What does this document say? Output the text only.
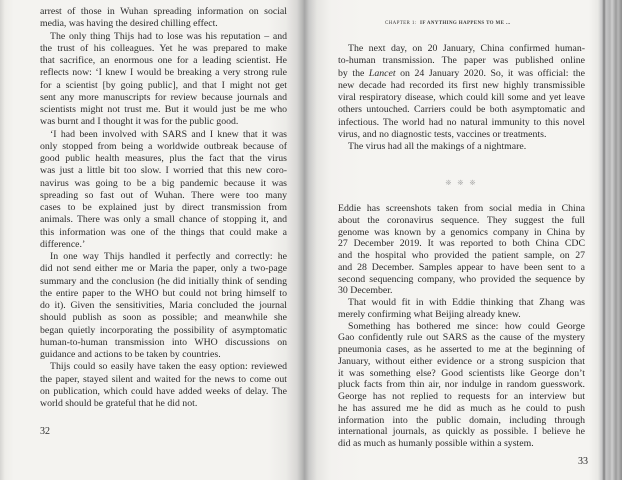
arrest of those in Wuhan spreading information on social
media, was having the desired chilling effect.
The only thing Thijs had to lose was his reputation – and
the trust of his colleagues. Yet he was prepared to make
that sacrifice, an enormous one for a leading scientist. He
reflects now: ‘I knew I would be breaking a very strong rule
for a scientist [by going public], and that I might not get
sent any more manuscripts for review because journals and
scientists might not trust me. But it would just be me who
was burnt and I thought it was for the public good.
‘I had been involved with SARS and I knew that it was
only stopped from being a worldwide outbreak because of
good public health measures, plus the fact that the virus
was just a little bit too slow. I worried that this new coro-
navirus was going to be a big pandemic because it was
spreading so fast out of Wuhan. There were too many
cases to be explained just by direct transmission from
animals. There was only a small chance of stopping it, and
this information was one of the things that could make a
difference.’
In one way Thijs handled it perfectly and correctly: he
did not send either me or Maria the paper, only a two-page
summary and the conclusion (he did initially think of sending
the entire paper to the WHO but could not bring himself to
do it). Given the sensitivities, Maria concluded the journal
should publish as soon as possible; and meanwhile she
began quietly incorporating the possibility of asymptomatic
human-to-human transmission into WHO discussions on
guidance and actions to be taken by countries.
Thijs could so easily have taken the easy option: reviewed
the paper, stayed silent and waited for the news to come out
on publication, which could have added weeks of delay. The
world should be grateful that he did not.
32
CHAPTER 1: IF ANYTHING HAPPENS TO ME ...
The next day, on 20 January, China confirmed human-
to-human transmission. The paper was published online
by the Lancet on 24 January 2020. So, it was official: the
new decade had recorded its first new highly transmissible
viral respiratory disease, which could kill some and yet leave
others untouched. Carriers could be both asymptomatic and
infectious. The world had no natural immunity to this novel
virus, and no diagnostic tests, vaccines or treatments.
The virus had all the makings of a nightmare.
❊ ❊ ❊
Eddie has screenshots taken from social media in China
about the coronavirus sequence. They suggest the full
genome was known by a genomics company in China by
27 December 2019. It was reported to both China CDC
and the hospital who provided the patient sample, on 27
and 28 December. Samples appear to have been sent to a
second sequencing company, who provided the sequence by
30 December.
That would fit in with Eddie thinking that Zhang was
merely confirming what Beijing already knew.
Something has bothered me since: how could George
Gao confidently rule out SARS as the cause of the mystery
pneumonia cases, as he asserted to me at the beginning of
January, without either evidence or a strong suspicion that
it was something else? Good scientists like George don’t
pluck facts from thin air, nor indulge in random guesswork.
George has not replied to requests for an interview but
he has assured me he did as much as he could to push
information into the public domain, including through
international journals, as quickly as possible. I believe he
did as much as humanly possible within a system.
33
